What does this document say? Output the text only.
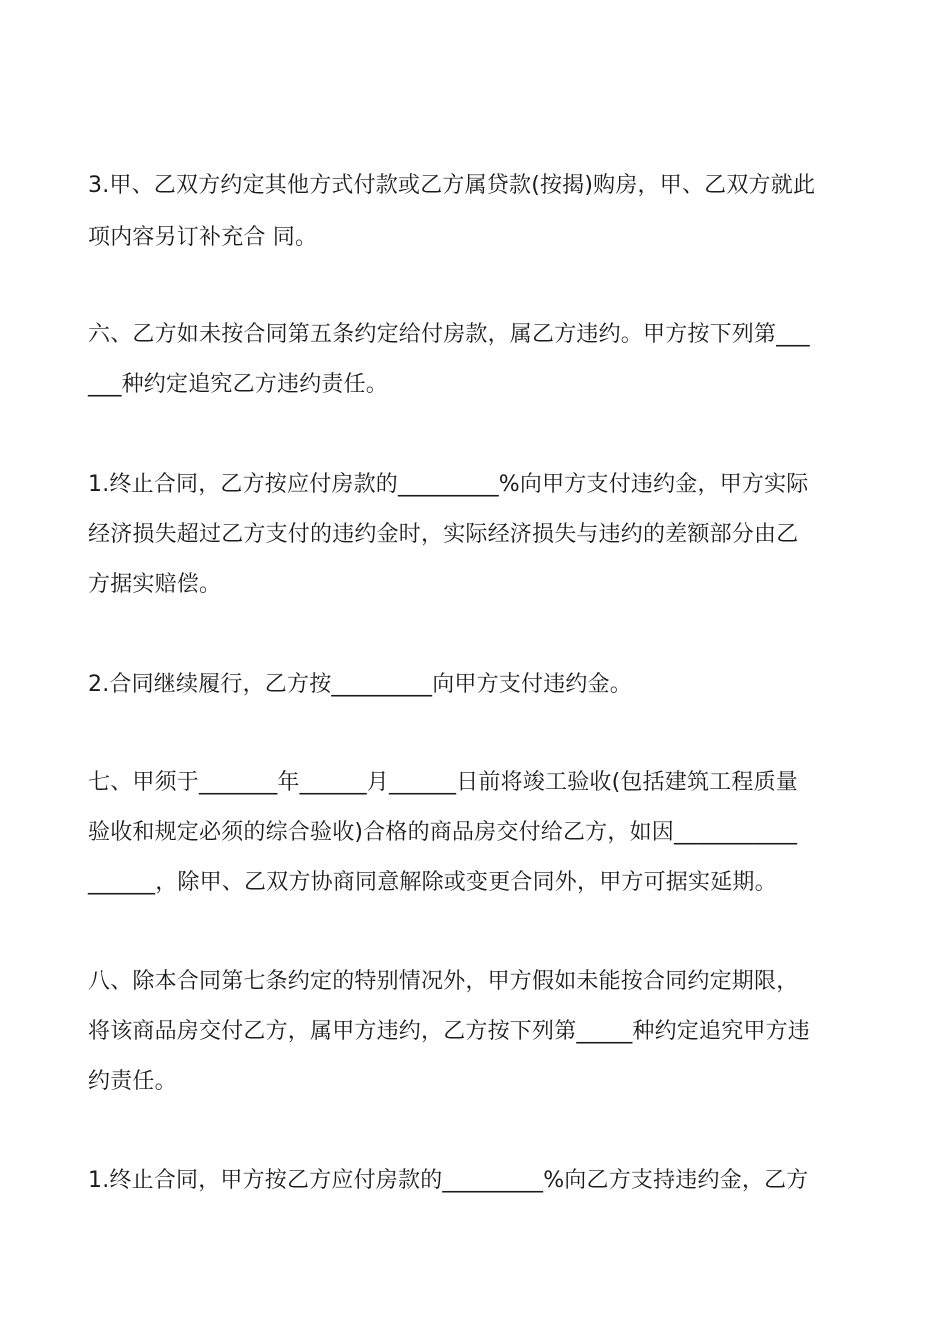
3.甲、乙双方约定其他方式付款或乙方属贷款(按揭)购房，甲、乙双方就此
项内容另订补充合 同。
六、乙方如未按合同第五条约定给付房款，属乙方违约。甲方按下列第___
___种约定追究乙方违约责任。
1.终止合同，乙方按应付房款的_________%向甲方支付违约金，甲方实际
经济损失超过乙方支付的违约金时，实际经济损失与违约的差额部分由乙
方据实赔偿。
2.合同继续履行，乙方按_________向甲方支付违约金。
七、甲须于_______年______月______日前将竣工验收(包括建筑工程质量
验收和规定必须的综合验收)合格的商品房交付给乙方，如因___________
______，除甲、乙双方协商同意解除或变更合同外，甲方可据实延期。
八、除本合同第七条约定的特别情况外，甲方假如未能按合同约定期限，
将该商品房交付乙方，属甲方违约，乙方按下列第_____种约定追究甲方违
约责任。
1.终止合同，甲方按乙方应付房款的_________%向乙方支持违约金，乙方
